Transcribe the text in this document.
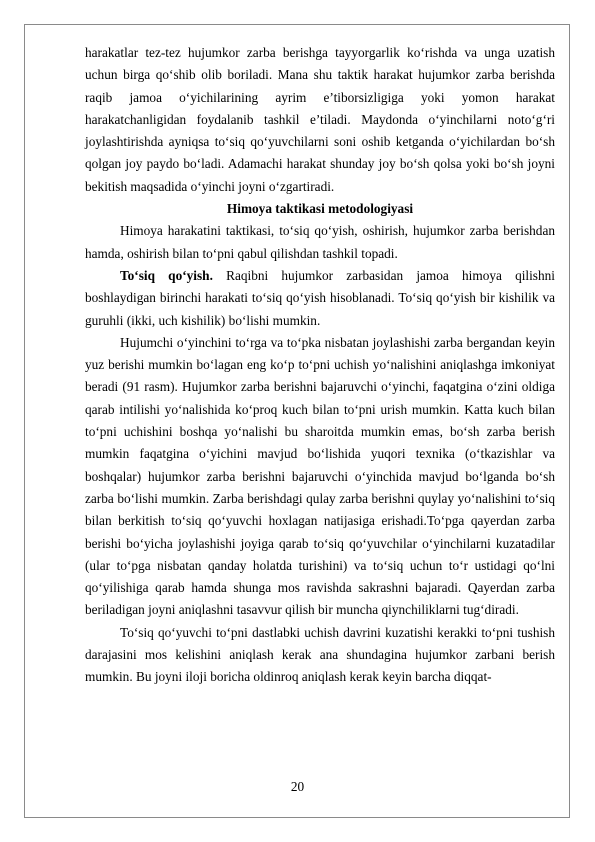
harakatlar tez-tez hujumkor zarba berishga tayyorgarlik ko‘rishda va unga uzatish uchun birga qo‘shib olib boriladi. Mana shu taktik harakat hujumkor zarba berishda raqib jamoa o‘yichilarining ayrim e’tiborsizligiga yoki yomon harakat harakatchanligidan foydalanib tashkil e’tiladi. Maydonda o‘yinchilarni noto‘g‘ri joylashtirishda ayniqsa to‘siq qo‘yuvchilarni soni oshib ketganda o‘yichilardan bo‘sh qolgan joy paydo bo‘ladi. Adamachi harakat shunday joy bo‘sh qolsa yoki bo‘sh joyni bekitish maqsadida o‘yinchi joyni o‘zgartiradi.

Himoya taktikasi metodologiyasi

Himoya harakatini taktikasi, to‘siq qo‘yish, oshirish, hujumkor zarba berishdan hamda, oshirish bilan to‘pni qabul qilishdan tashkil topadi.

To‘siq qo‘yish. Raqibni hujumkor zarbasidan jamoa himoya qilishni boshlaydigan birinchi harakati to‘siq qo‘yish hisoblanadi. To‘siq qo‘yish bir kishilik va guruhli (ikki, uch kishilik) bo‘lishi mumkin.

Hujumchi o‘yinchini to‘rga va to‘pka nisbatan joylashishi zarba bergandan keyin yuz berishi mumkin bo‘lagan eng ko‘p to‘pni uchish yo‘nalishini aniqlashga imkoniyat beradi (91 rasm). Hujumkor zarba berishni bajaruvchi o‘yinchi, faqatgina o‘zini oldiga qarab intilishi yo‘nalishida ko‘proq kuch bilan to‘pni urish mumkin. Katta kuch bilan to‘pni uchishini boshqa yo‘nalishi bu sharoitda mumkin emas, bo‘sh zarba berish mumkin faqatgina o‘yichini mavjud bo‘lishida yuqori texnika (o‘tkazishlar va boshqalar) hujumkor zarba berishni bajaruvchi o‘yinchida mavjud bo‘lganda bo‘sh zarba bo‘lishi mumkin. Zarba berishdagi qulay zarba berishni quylay yo‘nalishini to‘siq bilan berkitish to‘siq qo‘yuvchi hoxlagan natijasiga erishadi.To‘pga qayerdan zarba berishi bo‘yicha joylashishi joyiga qarab to‘siq qo‘yuvchilar o‘yinchilarni kuzatadilar (ular to‘pga nisbatan qanday holatda turishini) va to‘siq uchun to‘r ustidagi qo‘lni qo‘yilishiga qarab hamda shunga mos ravishda sakrashni bajaradi. Qayerdan zarba beriladigan joyni aniqlashni tasavvur qilish bir muncha qiynchiliklarni tug‘diradi.

To‘siq qo‘yuvchi to‘pni dastlabki uchish davrini kuzatishi kerakki to‘pni tushish darajasini mos kelishini aniqlash kerak ana shundagina hujumkor zarbani berish mumkin. Bu joyni iloji boricha oldinroq aniqlash kerak keyin barcha diqqat-

20
